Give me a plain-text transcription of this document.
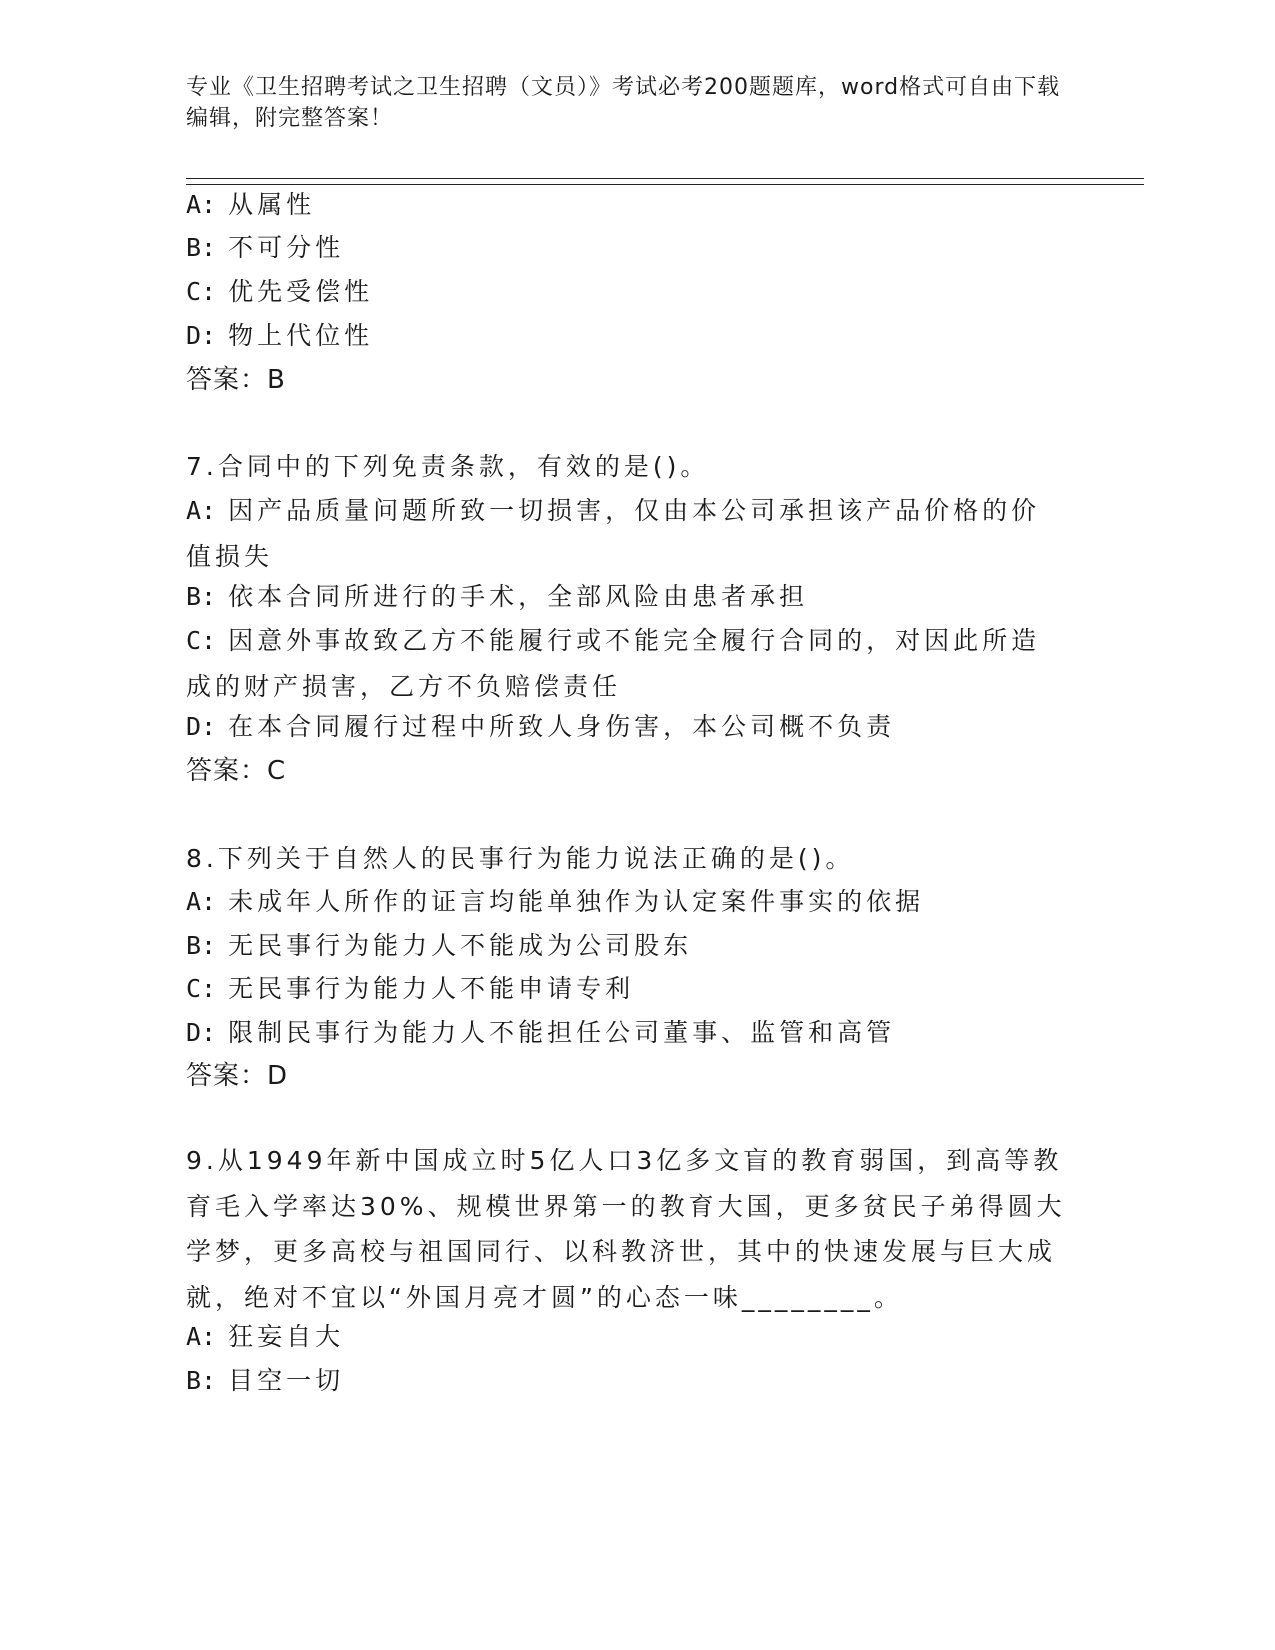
专业《卫生招聘考试之卫生招聘（文员）》考试必考200题题库，word格式可自由下载编辑，附完整答案！
A: 从属性
B: 不可分性
C: 优先受偿性
D: 物上代位性
答案：B
7.合同中的下列免责条款，有效的是()。
A: 因产品质量问题所致一切损害，仅由本公司承担该产品价格的价值损失
B: 依本合同所进行的手术，全部风险由患者承担
C: 因意外事故致乙方不能履行或不能完全履行合同的，对因此所造成的财产损害，乙方不负赔偿责任
D: 在本合同履行过程中所致人身伤害，本公司概不负责
答案：C
8.下列关于自然人的民事行为能力说法正确的是()。
A: 未成年人所作的证言均能单独作为认定案件事实的依据
B: 无民事行为能力人不能成为公司股东
C: 无民事行为能力人不能申请专利
D: 限制民事行为能力人不能担任公司董事、监管和高管
答案：D
9.从1949年新中国成立时5亿人口3亿多文盲的教育弱国，到高等教育毛入学率达30%、规模世界第一的教育大国，更多贫民子弟得圆大学梦，更多高校与祖国同行、以科教济世，其中的快速发展与巨大成就，绝对不宜以“外国月亮才圆”的心态一味________。
A: 狂妄自大
B: 目空一切
